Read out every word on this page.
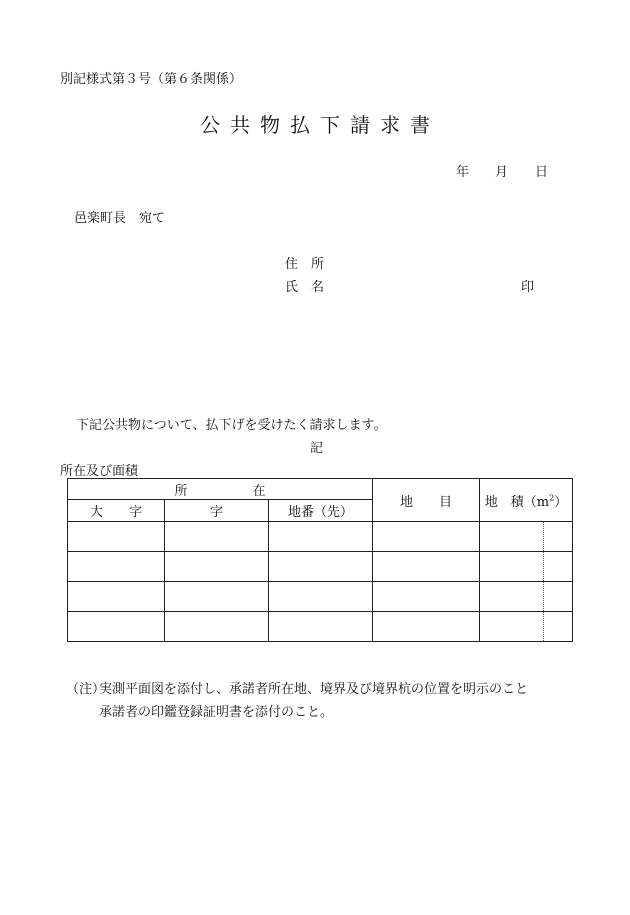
別記様式第３号（第６条関係）
公共物払下請求書
年 月 日
邑楽町長　宛て
住　所
氏　名	印
下記公共物について、払下げを受けたく請求します。
記
所在及び面積
所　　　　　在			地　　目	地　積$(m^2)$
大　　字	字	地番（先）		

（注）
実測平面図を添付し、承諾者所在地、境界及び境界杭の位置を明示のこと
承諾者の印鑑登録証明書を添付のこと。
